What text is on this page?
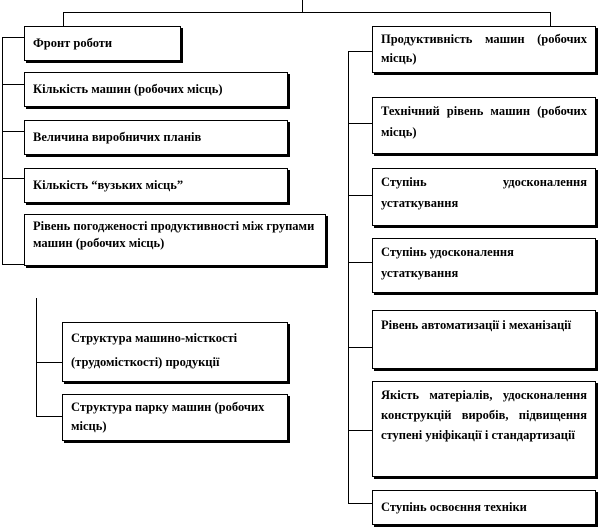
Фронт роботи
Кількість машин (робочих місць)
Величина виробничих планів
Кількість “вузьких місць”
Рівень погодженості продуктивності між групами машин (робочих місць)
Структура машино-місткості (трудомісткості) продукції
Структура парку машин (робочих місць)
Продуктивність машин (робочих місць)
Технічний рівень машин (робочих місць)
Ступінь удосконалення устаткування
Ступінь удосконалення устаткування
Рівень автоматизації і механізації
Якість матеріалів, удосконалення конструкцій виробів, підвищення ступені уніфікації і стандартизації
Ступінь освоєння техніки
